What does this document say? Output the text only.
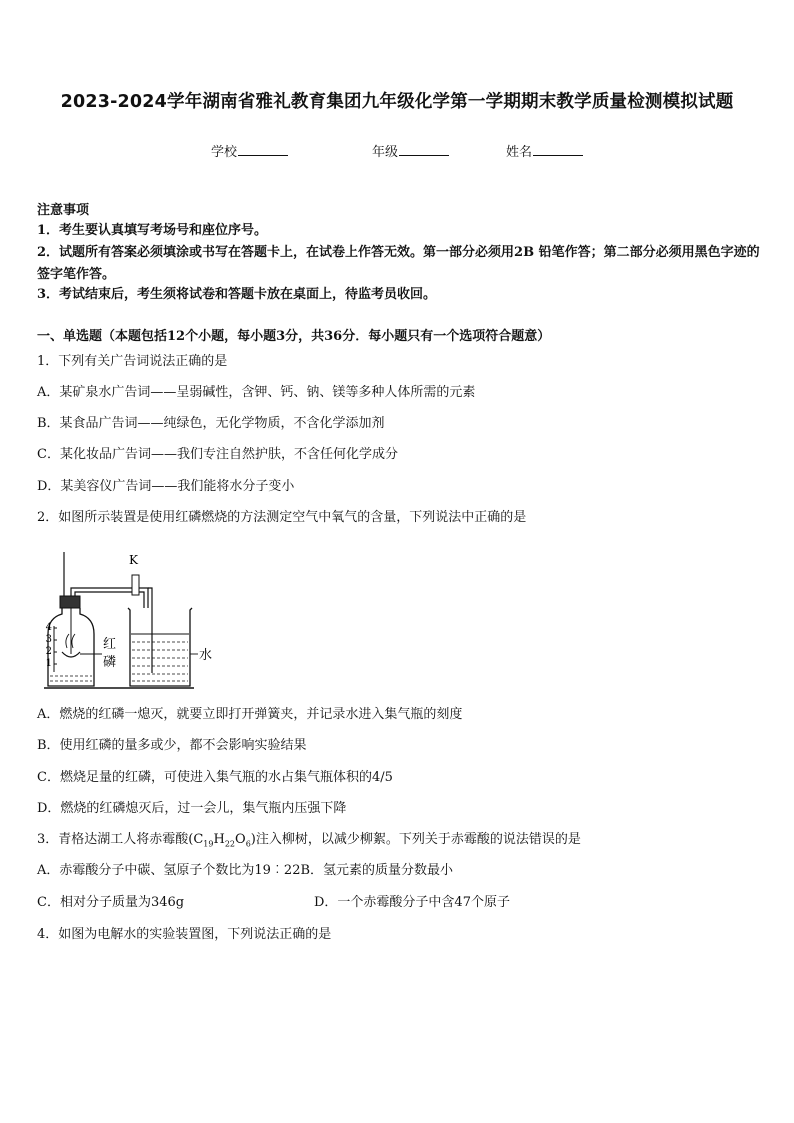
2023-2024学年湖南省雅礼教育集团九年级化学第一学期期末教学质量检测模拟试题
学校	年级	姓名
注意事项
1．考生要认真填写考场号和座位序号。
2．试题所有答案必须填涂或书写在答题卡上，在试卷上作答无效。第一部分必须用2B 铅笔作答；第二部分必须用黑色字迹的签字笔作答。
3．考试结束后，考生须将试卷和答题卡放在桌面上，待监考员收回。
一、单选题（本题包括12个小题，每小题3分，共36分．每小题只有一个选项符合题意）
1．下列有关广告词说法正确的是
A．某矿泉水广告词——呈弱碱性，含钾、钙、钠、镁等多种人体所需的元素
B．某食品广告词——纯绿色，无化学物质，不含化学添加剂
C．某化妆品广告词——我们专注自然护肤，不含任何化学成分
D．某美容仪广告词——我们能将水分子变小
2．如图所示装置是使用红磷燃烧的方法测定空气中氧气的含量，下列说法中正确的是
K
4
3
2
1
红
磷	水
A．燃烧的红磷一熄灭，就要立即打开弹簧夹，并记录水进入集气瓶的刻度
B．使用红磷的量多或少，都不会影响实验结果
C．燃烧足量的红磷，可使进入集气瓶的水占集气瓶体积的4/5
D．燃烧的红磷熄灭后，过一会儿，集气瓶内压强下降
3．青格达湖工人将赤霉酸$(C_{19}H_{22}O_6)$注入柳树，以减少柳絮。下列关于赤霉酸的说法错误的是
A．赤霉酸分子中碳、氢原子个数比为19︰22B．氢元素的质量分数最小
C．相对分子质量为346g	D．一个赤霉酸分子中含47个原子
4．如图为电解水的实验装置图，下列说法正确的是
